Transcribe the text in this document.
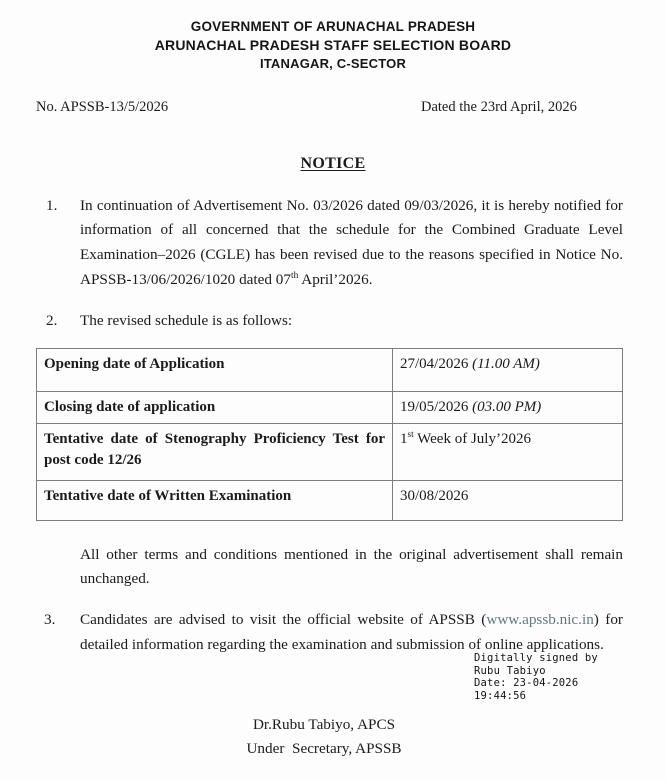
GOVERNMENT OF ARUNACHAL PRADESH
ARUNACHAL PRADESH STAFF SELECTION BOARD
ITANAGAR, C-SECTOR
No. APSSB-13/5/2026	Dated the 23rd April, 2026
NOTICE
1. In continuation of Advertisement No. 03/2026 dated 09/03/2026, it is hereby notified for information of all concerned that the schedule for the Combined Graduate Level Examination–2026 (CGLE) has been revised due to the reasons specified in Notice No. APSSB-13/06/2026/1020 dated 07th April’2026.
2. The revised schedule is as follows:
Opening date of Application	27/04/2026 (11.00 AM)
Closing date of application	19/05/2026 (03.00 PM)
Tentative date of Stenography Proficiency Test for post code 12/26	1st Week of July’2026
Tentative date of Written Examination	30/08/2026
All other terms and conditions mentioned in the original advertisement shall remain unchanged.
3. Candidates are advised to visit the official website of APSSB (www.apssb.nic.in) for detailed information regarding the examination and submission of online applications.
Digitally signed by
Rubu Tabiyo
Date: 23-04-2026
19:44:56
Dr.Rubu Tabiyo, APCS
Under  Secretary, APSSB
